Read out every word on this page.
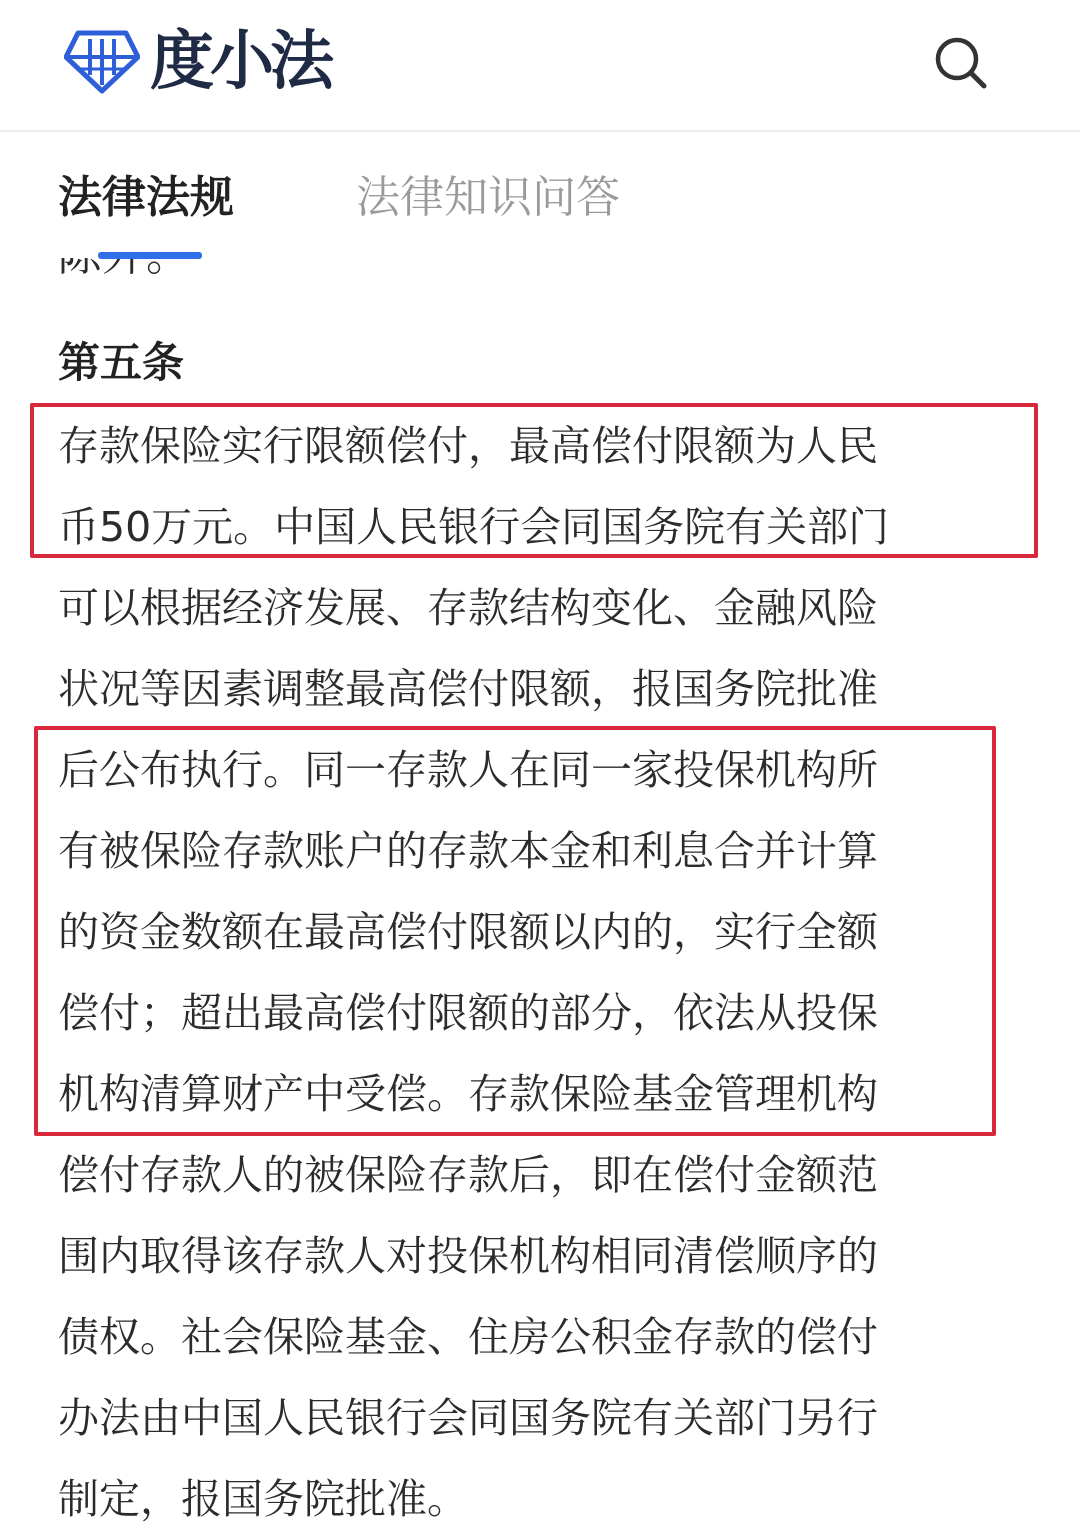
度小法
法律法规	法律知识问答
第五条
存款保险实行限额偿付，最高偿付限额为人民
币50万元。中国人民银行会同国务院有关部门
可以根据经济发展、存款结构变化、金融风险
状况等因素调整最高偿付限额，报国务院批准
后公布执行。同一存款人在同一家投保机构所
有被保险存款账户的存款本金和利息合并计算
的资金数额在最高偿付限额以内的，实行全额
偿付；超出最高偿付限额的部分，依法从投保
机构清算财产中受偿。存款保险基金管理机构
偿付存款人的被保险存款后，即在偿付金额范
围内取得该存款人对投保机构相同清偿顺序的
债权。社会保险基金、住房公积金存款的偿付
办法由中国人民银行会同国务院有关部门另行
制定，报国务院批准。
